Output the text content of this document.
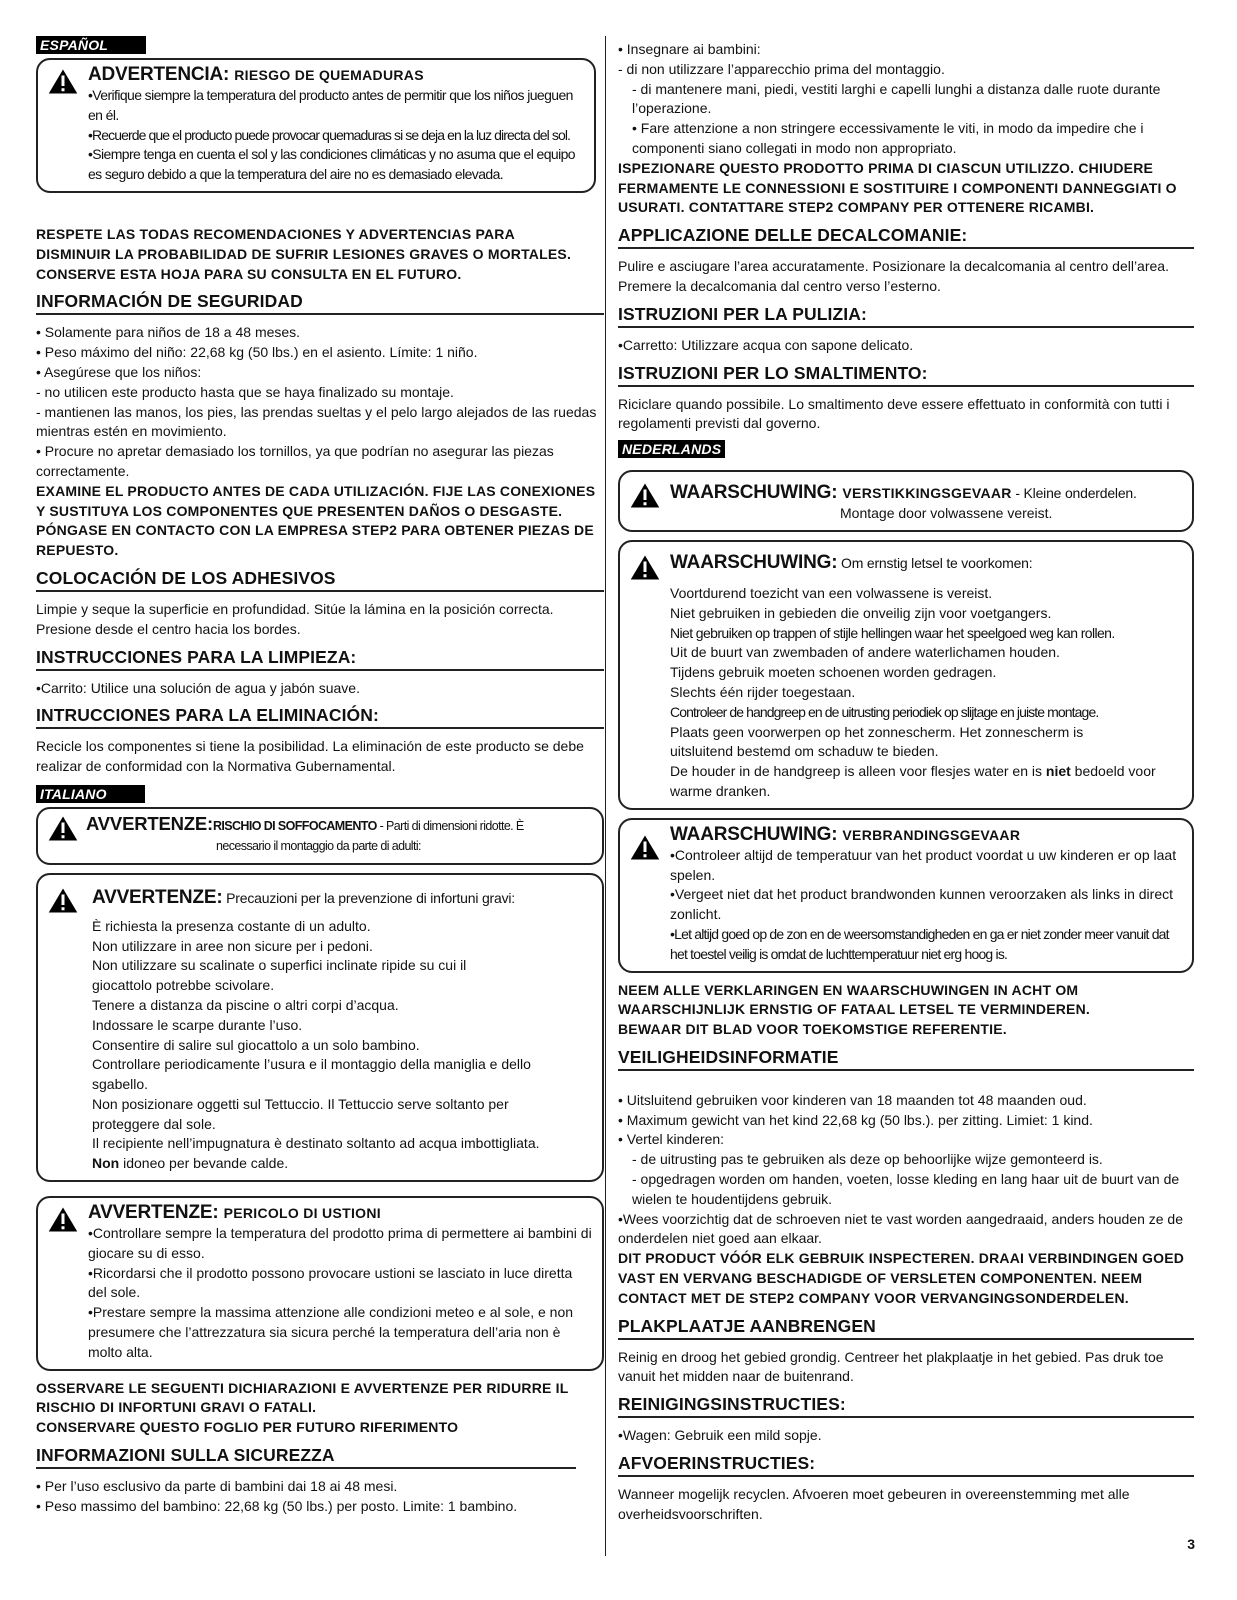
ESPAÑOL
ADVERTENCIA: RIESGO DE QUEMADURAS

•Verifique siempre la temperatura del producto antes de permitir que los niños jueguen en él.

•Recuerde que el producto puede provocar quemaduras si se deja en la luz directa del sol.

•Siempre tenga en cuenta el sol y las condiciones climáticas y no asuma que el equipo es seguro debido a que la temperatura del aire no es demasiado elevada.

RESPETE LAS TODAS RECOMENDACIONES Y ADVERTENCIAS PARA

DISMINUIR LA PROBABILIDAD DE SUFRIR LESIONES GRAVES O MORTALES.

CONSERVE ESTA HOJA PARA SU CONSULTA EN EL FUTURO.

INFORMACIÓN DE SEGURIDAD

• Solamente para niños de 18 a 48 meses.

• Peso máximo del niño: 22,68 kg (50 lbs.) en el asiento. Límite: 1 niño.

• Asegúrese que los niños:

- no utilicen este producto hasta que se haya finalizado su montaje.

- mantienen las manos, los pies, las prendas sueltas y el pelo largo alejados de las ruedas mientras estén en movimiento.

• Procure no apretar demasiado los tornillos, ya que podrían no asegurar las piezas correctamente.

EXAMINE EL PRODUCTO ANTES DE CADA UTILIZACIÓN. FIJE LAS CONEXIONES Y SUSTITUYA LOS COMPONENTES QUE PRESENTEN DAÑOS O DESGASTE. PÓNGASE EN CONTACTO CON LA EMPRESA STEP2 PARA OBTENER PIEZAS DE REPUESTO.

COLOCACIÓN DE LOS ADHESIVOS

Limpie y seque la superficie en profundidad. Sitúe la lámina en la posición correcta. Presione desde el centro hacia los bordes.

INSTRUCCIONES PARA LA LIMPIEZA:

•Carrito: Utilice una solución de agua y jabón suave.

INTRUCCIONES PARA LA ELIMINACIÓN:

Recicle los componentes si tiene la posibilidad. La eliminación de este producto se debe realizar de conformidad con la Normativa Gubernamental.

ITALIANO
AVVERTENZE:RISCHIO DI SOFFOCAMENTO - Parti di dimensioni ridotte. È

necessario il montaggio da parte di adulti:

AVVERTENZE: Precauzioni per la prevenzione di infortuni gravi:

È richiesta la presenza costante di un adulto.

Non utilizzare in aree non sicure per i pedoni.

Non utilizzare su scalinate o superfici inclinate ripide su cui il giocattolo potrebbe scivolare.

Tenere a distanza da piscine o altri corpi d’acqua.

Indossare le scarpe durante l’uso.

Consentire di salire sul giocattolo a un solo bambino.

Controllare periodicamente l’usura e il montaggio della maniglia e dello sgabello.

Non posizionare oggetti sul Tettuccio. Il Tettuccio serve soltanto per proteggere dal sole.

Il recipiente nell’impugnatura è destinato soltanto ad acqua imbottigliata.

Non idoneo per bevande calde.

AVVERTENZE: PERICOLO DI USTIONI

•Controllare sempre la temperatura del prodotto prima di permettere ai bambini di giocare su di esso.

•Ricordarsi che il prodotto possono provocare ustioni se lasciato in luce diretta del sole.

•Prestare sempre la massima attenzione alle condizioni meteo e al sole, e non presumere che l’attrezzatura sia sicura perché la temperatura dell’aria non è molto alta.

OSSERVARE LE SEGUENTI DICHIARAZIONI E AVVERTENZE PER RIDURRE IL

RISCHIO DI INFORTUNI GRAVI O FATALI.

CONSERVARE QUESTO FOGLIO PER FUTURO RIFERIMENTO

INFORMAZIONI SULLA SICUREZZA

• Per l’uso esclusivo da parte di bambini dai 18 ai 48 mesi.

• Peso massimo del bambino: 22,68 kg (50 lbs.) per posto. Limite: 1 bambino.

• Insegnare ai bambini:

- di non utilizzare l’apparecchio prima del montaggio.

- di mantenere mani, piedi, vestiti larghi e capelli lunghi a distanza dalle ruote durante l’operazione.

• Fare attenzione a non stringere eccessivamente le viti, in modo da impedire che i componenti siano collegati in modo non appropriato.

ISPEZIONARE QUESTO PRODOTTO PRIMA DI CIASCUN UTILIZZO. CHIUDERE FERMAMENTE LE CONNESSIONI E SOSTITUIRE I COMPONENTI DANNEGGIATI O USURATI. CONTATTARE STEP2 COMPANY PER OTTENERE RICAMBI.

APPLICAZIONE DELLE DECALCOMANIE:

Pulire e asciugare l’area accuratamente. Posizionare la decalcomania al centro dell’area. Premere la decalcomania dal centro verso l’esterno.

ISTRUZIONI PER LA PULIZIA:

•Carretto: Utilizzare acqua con sapone delicato.

ISTRUZIONI PER LO SMALTIMENTO:

Riciclare quando possibile. Lo smaltimento deve essere effettuato in conformità con tutti i regolamenti previsti dal governo.

NEDERLANDS
WAARSCHUWING: VERSTIKKINGSGEVAAR - Kleine onderdelen.

Montage door volwassene vereist.

WAARSCHUWING: Om ernstig letsel te voorkomen:

Voortdurend toezicht van een volwassene is vereist.

Niet gebruiken in gebieden die onveilig zijn voor voetgangers.

Niet gebruiken op trappen of stijle hellingen waar het speelgoed weg kan rollen.

Uit de buurt van zwembaden of andere waterlichamen houden.

Tijdens gebruik moeten schoenen worden gedragen.

Slechts één rijder toegestaan.

Controleer de handgreep en de uitrusting periodiek op slijtage en juiste montage.

Plaats geen voorwerpen op het zonnescherm. Het zonnescherm is uitsluitend bestemd om schaduw te bieden.

De houder in de handgreep is alleen voor flesjes water en is niet bedoeld voor warme dranken.

WAARSCHUWING: VERBRANDINGSGEVAAR

•Controleer altijd de temperatuur van het product voordat u uw kinderen er op laat spelen.

•Vergeet niet dat het product brandwonden kunnen veroorzaken als links in direct zonlicht.

•Let altijd goed op de zon en de weersomstandigheden en ga er niet zonder meer vanuit dat het toestel veilig is omdat de luchttemperatuur niet erg hoog is.

NEEM ALLE VERKLARINGEN EN WAARSCHUWINGEN IN ACHT OM

WAARSCHIJNLIJK ERNSTIG OF FATAAL LETSEL TE VERMINDEREN.

BEWAAR DIT BLAD VOOR TOEKOMSTIGE REFERENTIE.

VEILIGHEIDSINFORMATIE

• Uitsluitend gebruiken voor kinderen van 18 maanden tot 48 maanden oud.

• Maximum gewicht van het kind 22,68 kg (50 lbs.). per zitting. Limiet: 1 kind.

• Vertel kinderen:

- de uitrusting pas te gebruiken als deze op behoorlijke wijze gemonteerd is.

- opgedragen worden om handen, voeten, losse kleding en lang haar uit de buurt van de wielen te houdentijdens gebruik.

•Wees voorzichtig dat de schroeven niet te vast worden aangedraaid, anders houden ze de onderdelen niet goed aan elkaar.

DIT PRODUCT VÓÓR ELK GEBRUIK INSPECTEREN. DRAAI VERBINDINGEN GOED VAST EN VERVANG BESCHADIGDE OF VERSLETEN COMPONENTEN. NEEM CONTACT MET DE STEP2 COMPANY VOOR VERVANGINGSONDERDELEN.

PLAKPLAATJE AANBRENGEN

Reinig en droog het gebied grondig. Centreer het plakplaatje in het gebied. Pas druk toe vanuit het midden naar de buitenrand.

REINIGINGSINSTRUCTIES:

•Wagen: Gebruik een mild sopje.

AFVOERINSTRUCTIES:

Wanneer mogelijk recyclen. Afvoeren moet gebeuren in overeenstemming met alle overheidsvoorschriften.

3
